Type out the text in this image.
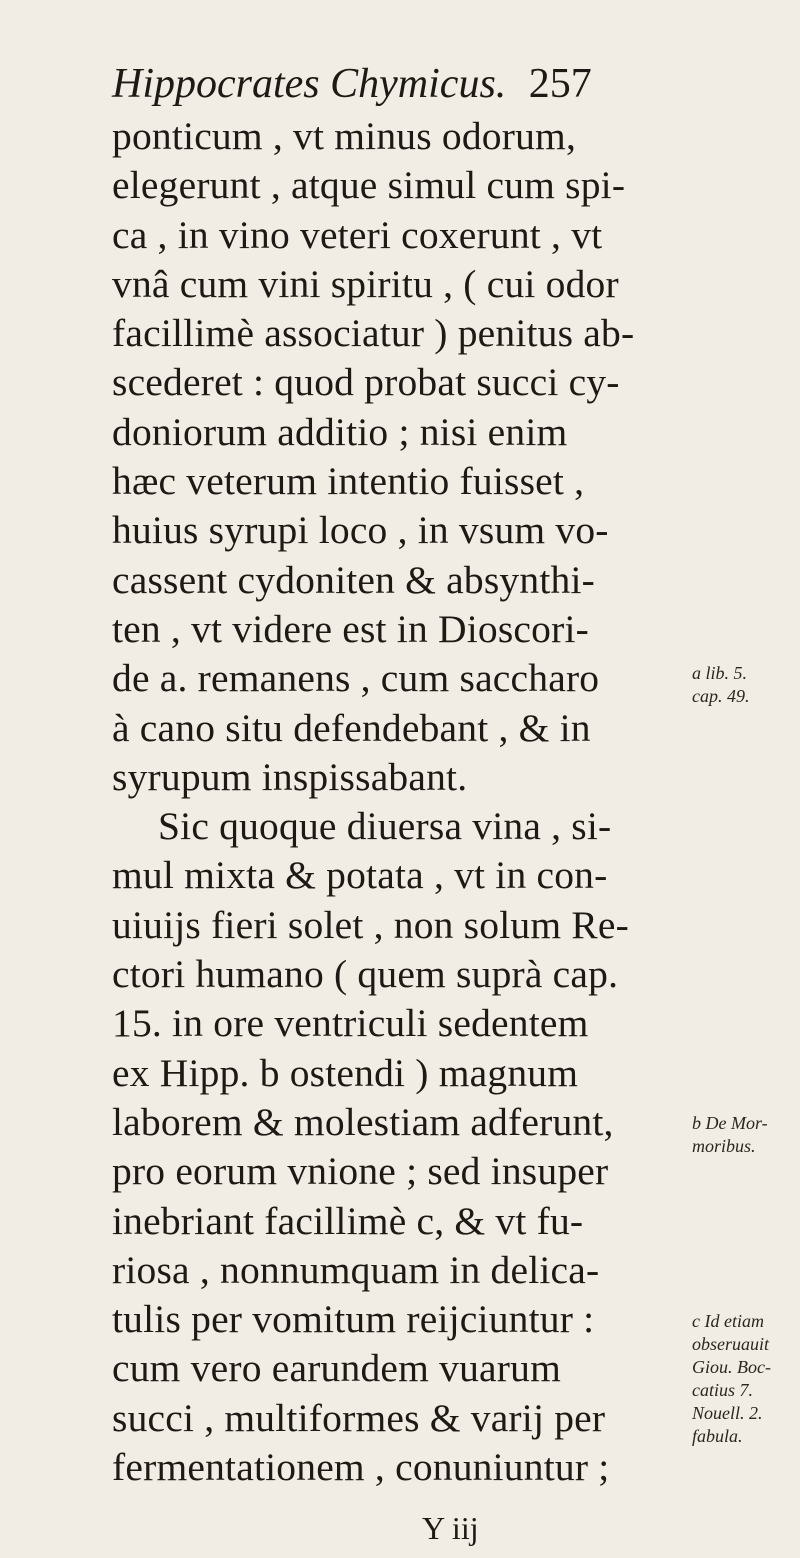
Hippocrates Chymicus. 257
ponticum , vt minus odorum,
elegerunt , atque simul cum spi-
ca , in vino veteri coxerunt , vt
vnâ cum vini spiritu , ( cui odor
facillimè associatur ) penitus ab-
scederet : quod probat succi cy-
doniorum additio ; nisi enim
hæc veterum intentio fuisset ,
huius syrupi loco , in vsum vo-
cassent cydoniten & absynthi-
ten , vt videre est in Dioscori-
de a. remanens , cum saccharo
à cano situ defendebant , & in
syrupum inspissabant.
Sic quoque diuersa vina , si-
mul mixta & potata , vt in con-
uiuijs fieri solet , non solum Re-
ctori humano ( quem suprà cap.
15. in ore ventriculi sedentem
ex Hipp. b ostendi ) magnum
laborem & molestiam adferunt,
pro eorum vnione ; sed insuper
inebriant facillimè c, & vt fu-
riosa , nonnumquam in delica-
tulis per vomitum reijciuntur :
cum vero earundem vuarum
succi , multiformes & varij per
fermentationem , conuniuntur ;
a lib. 5.
cap. 49.
b De Mor-
moribus.
c Id etiam
obseruauit
Giou. Boc-
catius 7.
Nouell. 2.
fabula.
Y iij
